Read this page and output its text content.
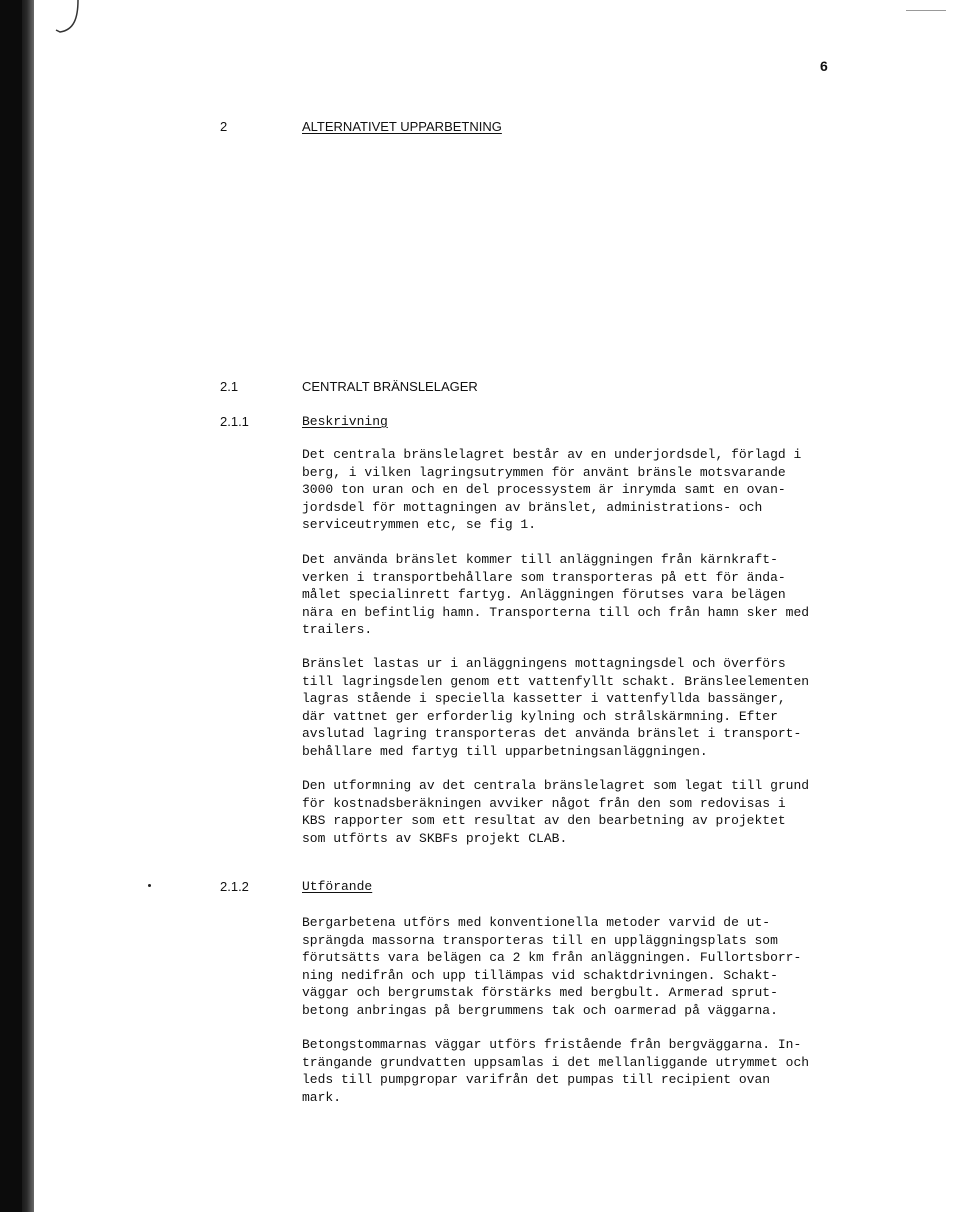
6
2	ALTERNATIVET UPPARBETNING
2.1	CENTRALT BRÄNSLELAGER
2.1.1	Beskrivning

Det centrala bränslelagret består av en underjordsdel, förlagd i
berg, i vilken lagringsutrymmen för använt bränsle motsvarande
3000 ton uran och en del processystem är inrymda samt en ovan-
jordsdel för mottagningen av bränslet, administrations- och
serviceutrymmen etc, se fig 1.

Det använda bränslet kommer till anläggningen från kärnkraft-
verken i transportbehållare som transporteras på ett för ända-
målet specialinrett fartyg. Anläggningen förutses vara belägen
nära en befintlig hamn. Transporterna till och från hamn sker med
trailers.

Bränslet lastas ur i anläggningens mottagningsdel och överförs
till lagringsdelen genom ett vattenfyllt schakt. Bränsleelementen
lagras stående i speciella kassetter i vattenfyllda bassänger,
där vattnet ger erforderlig kylning och strålskärmning. Efter
avslutad lagring transporteras det använda bränslet i transport-
behållare med fartyg till upparbetningsanläggningen.

Den utformning av det centrala bränslelagret som legat till grund
för kostnadsberäkningen avviker något från den som redovisas i
KBS rapporter som ett resultat av den bearbetning av projektet
som utförts av SKBFs projekt CLAB.

2.1.2	Utförande

Bergarbetena utförs med konventionella metoder varvid de ut-
sprängda massorna transporteras till en uppläggningsplats som
förutsätts vara belägen ca 2 km från anläggningen. Fullortsborr-
ning nedifrån och upp tillämpas vid schaktdrivningen. Schakt-
väggar och bergrumstak förstärks med bergbult. Armerad sprut-
betong anbringas på bergrummens tak och oarmerad på väggarna.

Betongstommarnas väggar utförs fristående från bergväggarna. In-
trängande grundvatten uppsamlas i det mellanliggande utrymmet och
leds till pumpgropar varifrån det pumpas till recipient ovan
mark.
